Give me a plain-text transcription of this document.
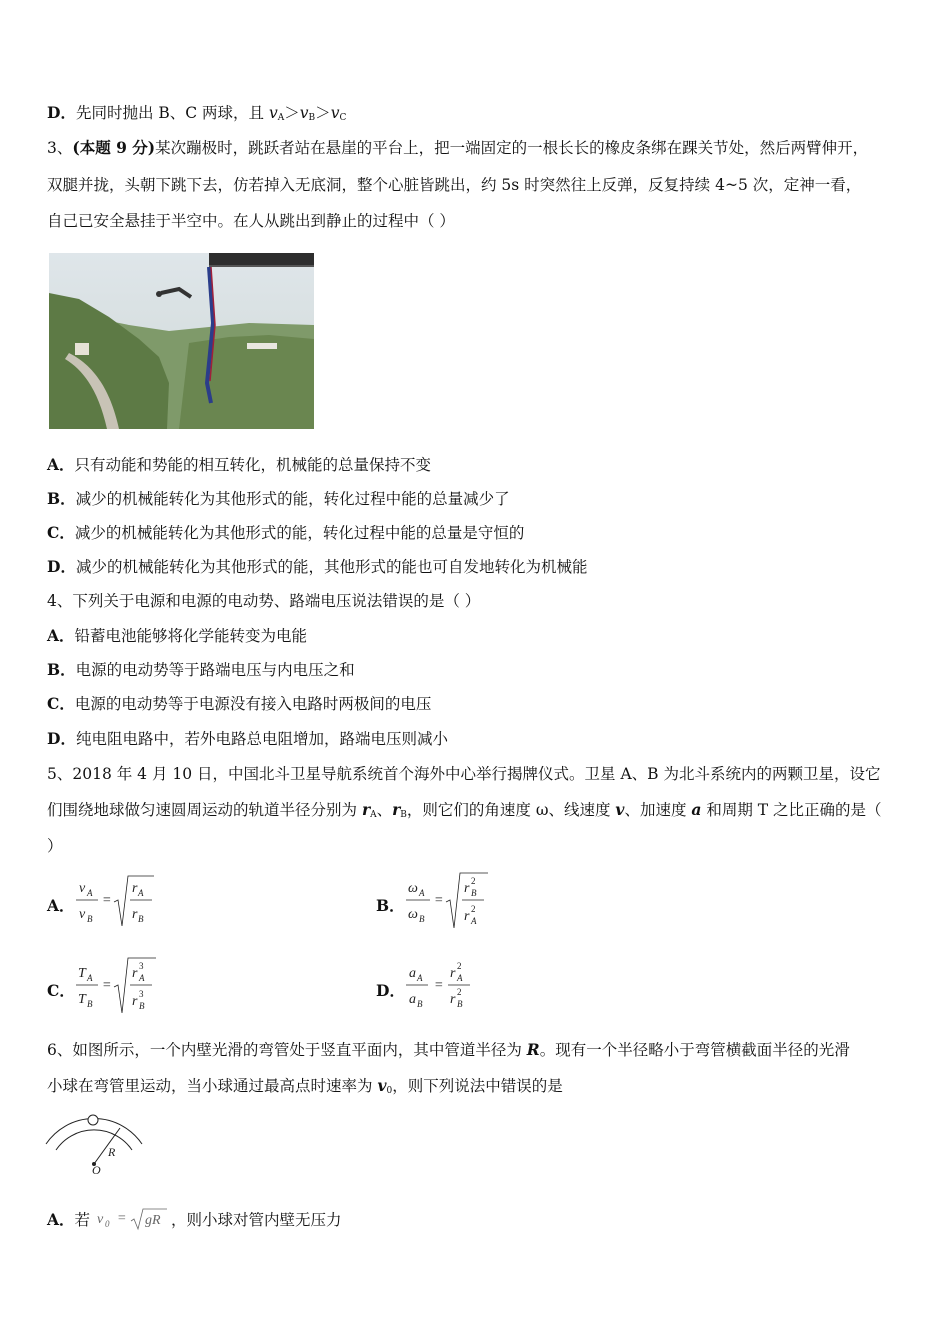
D．先同时抛出 B、C 两球，且 $v_A>v_B>v_C$
3、(本题 9 分)某次蹦极时，跳跃者站在悬崖的平台上，把一端固定的一根长长的橡皮条绑在踝关节处，然后两臂伸开，
双腿并拢，头朝下跳下去，仿若掉入无底洞，整个心脏皆跳出，约 5s 时突然往上反弹，反复持续 4~5 次，定神一看，
自己已安全悬挂于半空中。在人从跳出到静止的过程中（ ）
A．只有动能和势能的相互转化，机械能的总量保持不变
B．减少的机械能转化为其他形式的能，转化过程中能的总量减少了
C．减少的机械能转化为其他形式的能，转化过程中能的总量是守恒的
D．减少的机械能转化为其他形式的能，其他形式的能也可自发地转化为机械能
4、下列关于电源和电源的电动势、路端电压说法错误的是（ ）
A．铅蓄电池能够将化学能转变为电能
B．电源的电动势等于路端电压与内电压之和
C．电源的电动势等于电源没有接入电路时两极间的电压
D．纯电阻电路中，若外电路总电阻增加，路端电压则减小
5、2018 年 4 月 10 日，中国北斗卫星导航系统首个海外中心举行揭牌仪式。卫星 A、B 为北斗系统内的两颗卫星，设它
们围绕地球做匀速圆周运动的轨道半径分别为 $r_A$、$r_B$，则它们的角速度 ω、线速度 v、加速度 a 和周期 T 之比正确的是（
）
A．
v A
v B
=
r A
r B
B．
ω A
ω B
=
r 2
B
r 2
A
C．
T A
T B
=
r 3
A
r 3
B
D．
a A
a B
=
r 2
A
r 2
B
6、如图所示，一个内壁光滑的弯管处于竖直平面内，其中管道半径为 R。现有一个半径略小于弯管横截面半径的光滑
小球在弯管里运动，当小球通过最高点时速率为 $v_0$，则下列说法中错误的是
R
O
A．若 v 0 = gR ，则小球对管内壁无压力
